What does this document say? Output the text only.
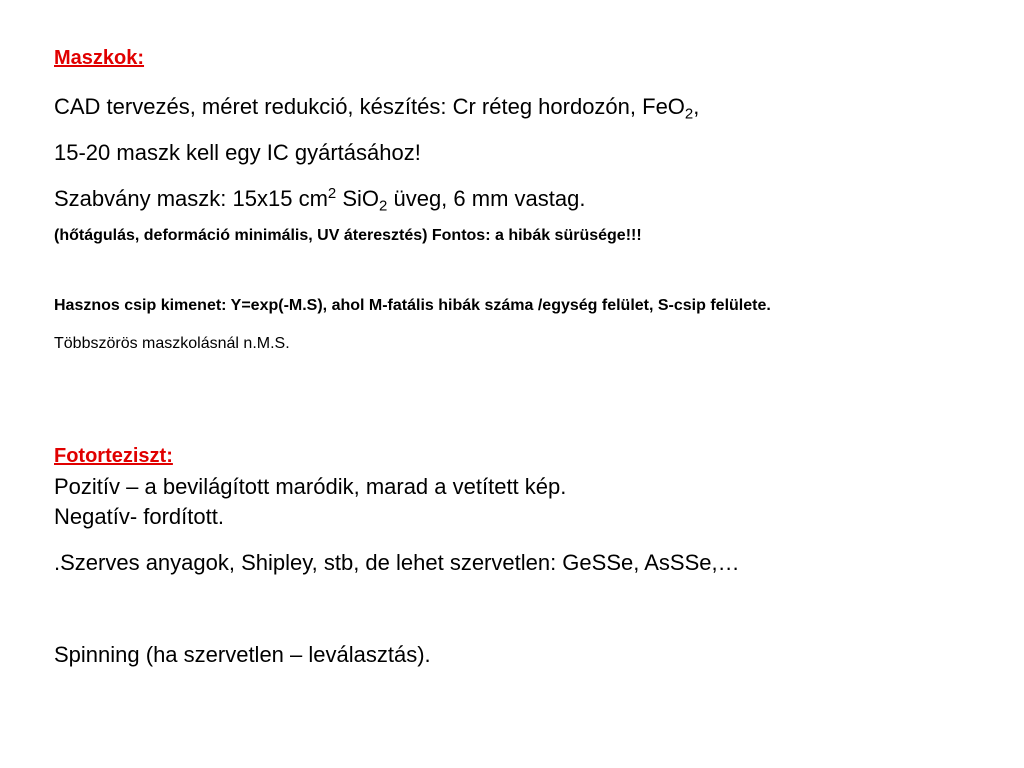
Maszkok:
CAD tervezés, méret redukció, készítés: Cr réteg hordozón, FeO$_2$,
15-20 maszk kell egy IC gyártásához!
Szabvány maszk: 15x15 $cm^2$ SiO$_2$ üveg, 6 mm vastag.
(hőtágulás, deformáció minimális, UV áteresztés) Fontos: a hibák sürüsége!!!
Hasznos csip kimenet: Y=exp(-M.S), ahol M-fatális hibák száma /egység felület, S-csip felülete.
Többszörös maszkolásnál n.M.S.
Fotorteziszt:
Pozitív – a bevilágított maródik, marad a vetített kép.
Negatív- fordított.
.Szerves anyagok, Shipley, stb, de lehet szervetlen: GeSSe, AsSSe,…
Spinning (ha szervetlen – leválasztás).
